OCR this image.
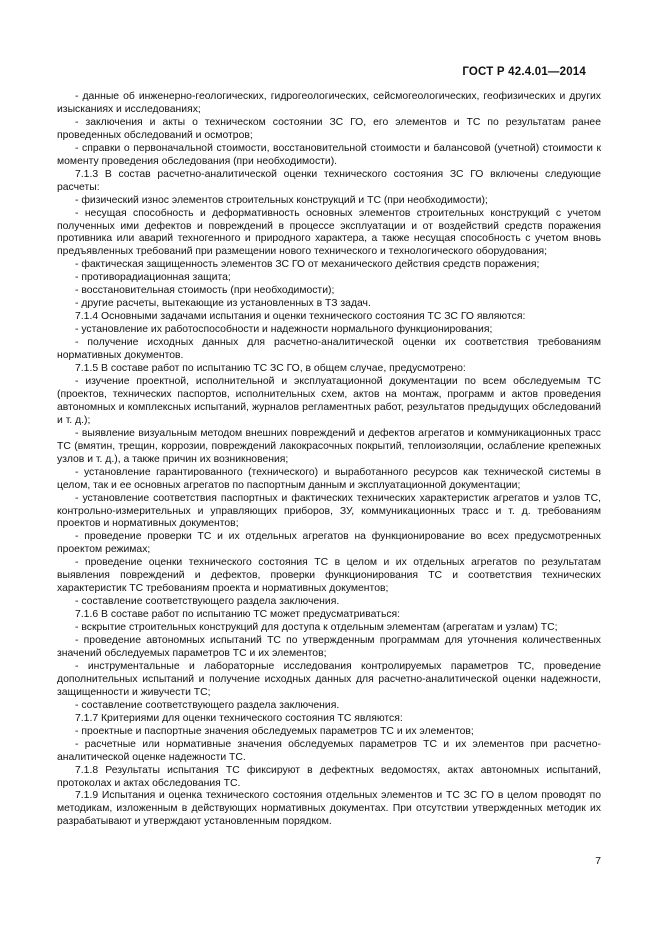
ГОСТ Р 42.4.01—2014

- данные об инженерно-геологических, гидрогеологических, сейсмогеологических, геофизических и других изысканиях и исследованиях;

- заключения и акты о техническом состоянии ЗС ГО, его элементов и ТС по результатам ранее проведенных обследований и осмотров;

- справки о первоначальной стоимости, восстановительной стоимости и балансовой (учетной) стоимости к моменту проведения обследования (при необходимости).

7.1.3 В состав расчетно-аналитической оценки технического состояния ЗС ГО включены следующие расчеты:

- физический износ элементов строительных конструкций и ТС (при необходимости);

- несущая способность и деформативность основных элементов строительных конструкций с учетом полученных ими дефектов и повреждений в процессе эксплуатации и от воздействий средств поражения противника или аварий техногенного и природного характера, а также несущая способность с учетом вновь предъявленных требований при размещении нового технического и технологического оборудования;

- фактическая защищенность элементов ЗС ГО от механического действия средств поражения;

- противорадиационная защита;

- восстановительная стоимость (при необходимости);

- другие расчеты, вытекающие из установленных в ТЗ задач.

7.1.4 Основными задачами испытания и оценки технического состояния ТС ЗС ГО являются:

- установление их работоспособности и надежности нормального функционирования;

- получение исходных данных для расчетно-аналитической оценки их соответствия требованиям нормативных документов.

7.1.5 В составе работ по испытанию ТС ЗС ГО, в общем случае, предусмотрено:

- изучение проектной, исполнительной и эксплуатационной документации по всем обследуемым ТС (проектов, технических паспортов, исполнительных схем, актов на монтаж, программ и актов проведения автономных и комплексных испытаний, журналов регламентных работ, результатов предыдущих обследований и т. д.);

- выявление визуальным методом внешних повреждений и дефектов агрегатов и коммуникационных трасс ТС (вмятин, трещин, коррозии, повреждений лакокрасочных покрытий, теплоизоляции, ослабление крепежных узлов и т. д.), а также причин их возникновения;

- установление гарантированного (технического) и выработанного ресурсов как технической системы в целом, так и ее основных агрегатов по паспортным данным и эксплуатационной документации;

- установление соответствия паспортных и фактических технических характеристик агрегатов и узлов ТС, контрольно-измерительных и управляющих приборов, ЗУ, коммуникационных трасс и т. д. требованиям проектов и нормативных документов;

- проведение проверки ТС и их отдельных агрегатов на функционирование во всех предусмотренных проектом режимах;

- проведение оценки технического состояния ТС в целом и их отдельных агрегатов по результатам выявления повреждений и дефектов, проверки функционирования ТС и соответствия технических характеристик ТС требованиям проекта и нормативных документов;

- составление соответствующего раздела заключения.

7.1.6 В составе работ по испытанию ТС может предусматриваться:

- вскрытие строительных конструкций для доступа к отдельным элементам (агрегатам и узлам) ТС;

- проведение автономных испытаний ТС по утвержденным программам для уточнения количественных значений обследуемых параметров ТС и их элементов;

- инструментальные и лабораторные исследования контролируемых параметров ТС, проведение дополнительных испытаний и получение исходных данных для расчетно-аналитической оценки надежности, защищенности и живучести ТС;

- составление соответствующего раздела заключения.

7.1.7 Критериями для оценки технического состояния ТС являются:

- проектные и паспортные значения обследуемых параметров ТС и их элементов;

- расчетные или нормативные значения обследуемых параметров ТС и их элементов при расчетно-аналитической оценке надежности ТС.

7.1.8 Результаты испытания ТС фиксируют в дефектных ведомостях, актах автономных испытаний, протоколах и актах обследования ТС.

7.1.9 Испытания и оценка технического состояния отдельных элементов и ТС ЗС ГО в целом проводят по методикам, изложенным в действующих нормативных документах. При отсутствии утвержденных методик их разрабатывают и утверждают установленным порядком.

7
